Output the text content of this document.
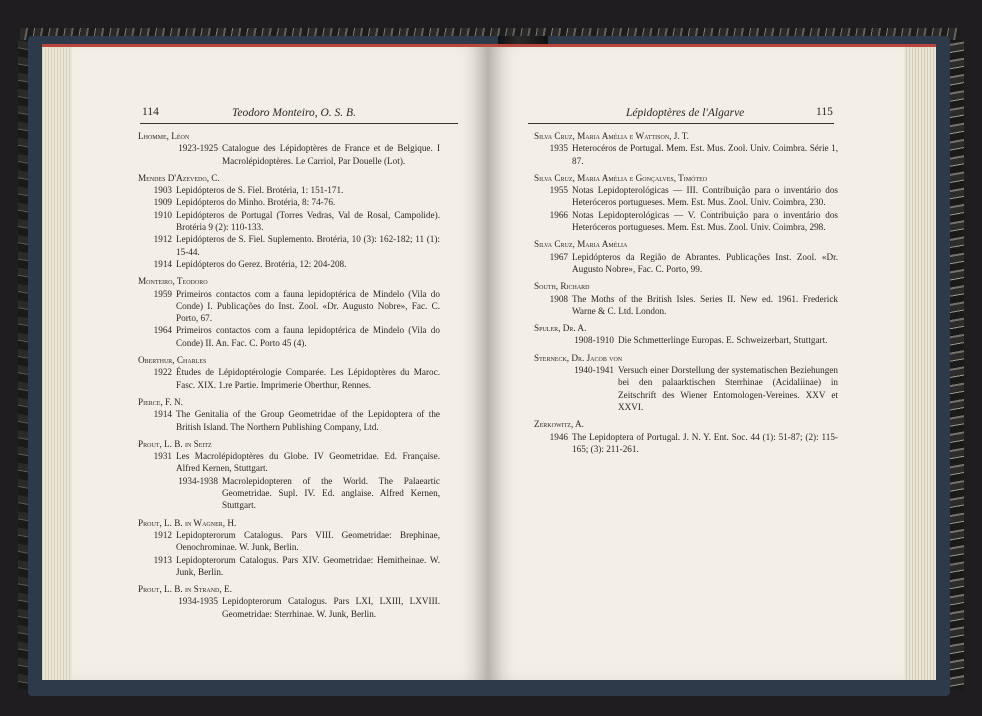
114	Teodoro Monteiro, O. S. B.	Lépidoptères de l'Algarve	115
Lhomme, Léon
1923-1925 Catalogue des Lépidoptères de France et de Belgique. I Macrolépidoptères. Le Carriol, Par Douelle (Lot).
Mendes D'Azevedo, C.
1903 Lepidópteros de S. Fiel. Brotéria, 1: 151-171.
1909 Lepidópteros do Minho. Brotéria, 8: 74-76.
1910 Lepidópteros de Portugal (Torres Vedras, Val de Rosal, Campolide). Brotéria 9 (2): 110-133.
1912 Lepidópteros de S. Fiel. Suplemento. Brotéria, 10 (3): 162-182; 11 (1): 15-44.
1914 Lepidópteros do Gerez. Brotéria, 12: 204-208.
Monteiro, Teodoro
1959 Primeiros contactos com a fauna lepidoptérica de Mindelo (Vila do Conde) I. Publicações do Inst. Zool. «Dr. Augusto Nobre», Fac. C. Porto, 67.
1964 Primeiros contactos com a fauna lepidoptérica de Mindelo (Vila do Conde) II. An. Fac. C. Porto 45 (4).
Oberthur, Charles
1922 Études de Lépidoptérologie Comparée. Les Lépidoptères du Maroc. Fasc. XIX. 1.re Partie. Imprimerie Oberthur, Rennes.
Pierce, F. N.
1914 The Genitalia of the Group Geometridae of the Lepidoptera of the British Island. The Northern Publishing Company, Ltd.
Prout, L. B. in Seitz
1931 Les Macrolépidoptères du Globe. IV Geometridae. Ed. Française. Alfred Kernen, Stuttgart.
1934-1938 Macrolepidopteren of the World. The Palaeartic Geometridae. Supl. IV. Ed. anglaise. Alfred Kernen, Stuttgart.
Prout, L. B. in Wagner, H.
1912 Lepidopterorum Catalogus. Pars VIII. Geometridae: Brephinae, Oenochrominae. W. Junk, Berlin.
1913 Lepidopterorum Catalogus. Pars XIV. Geometridae: Hemitheinae. W. Junk, Berlin.
Prout, L. B. in Strand, E.
1934-1935 Lepidopterorum Catalogus. Pars LXI, LXIII, LXVIII. Geometridae: Sterrhinae. W. Junk, Berlin.
Silva Cruz, Maria Amélia e Wattison, J. T.
1935 Heterocéros de Portugal. Mem. Est. Mus. Zool. Univ. Coimbra. Série 1, 87.
Silva Cruz, Maria Amélia e Gonçalves, Timóteo
1955 Notas Lepidopterológicas — III. Contribuição para o inventário dos Heteróceros portugueses. Mem. Est. Mus. Zool. Univ. Coimbra, 230.
1966 Notas Lepidopterológicas — V. Contribuição para o inventário dos Heteróceros portugueses. Mem. Est. Mus. Zool. Univ. Coimbra, 298.
Silva Cruz, Maria Amélia
1967 Lepidópteros da Região de Abrantes. Publicações Inst. Zool. «Dr. Augusto Nobre», Fac. C. Porto, 99.
South, Richard
1908 The Moths of the British Isles. Series II. New ed. 1961. Frederick Warne & C. Ltd. London.
Spuler, Dr. A.
1908-1910 Die Schmetterlinge Europas. E. Schweizerbart, Stuttgart.
Sterneck, Dr. Jacob von
1940-1941 Versuch einer Dorstellung der systematischen Beziehungen bei den palaarktischen Sterrhinae (Acidaliinae) in Zeitschrift des Wiener Entomologen-Vereines. XXV et XXVI.
Zerkowitz, A.
1946 The Lepidoptera of Portugal. J. N. Y. Ent. Soc. 44 (1): 51-87; (2): 115-165; (3): 211-261.
